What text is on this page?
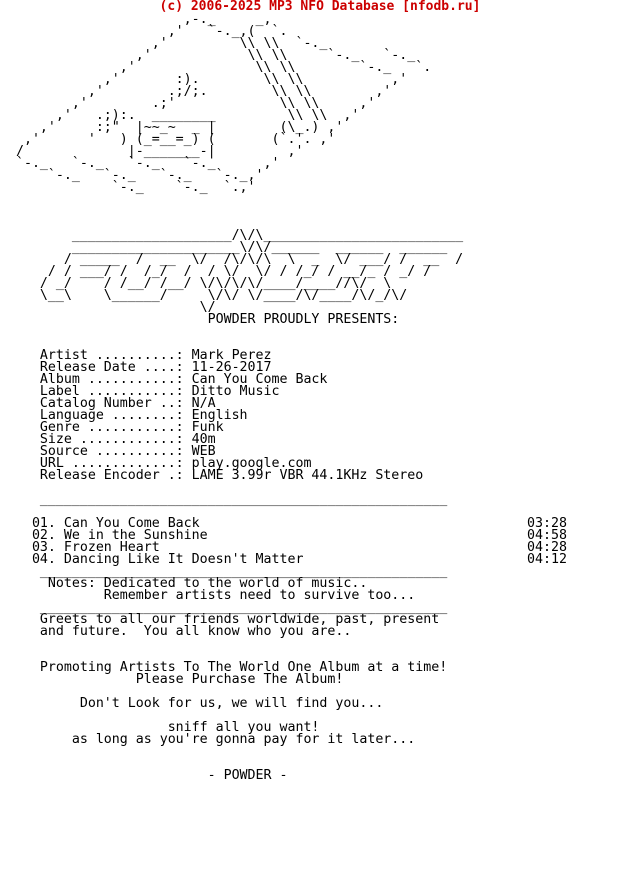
(c) 2006-2025 MP3 NFO Database [nfodb.ru]
,-._     _,
,'   `-._,(  `.
,'         \\ \\  `-._
,'            \\ \\     `-._   `-._
,'               \\ \\        `-._   `.
,'       :).        \\ \\           ,'
,'        .;/;.        \\ \\        ,'
,'        .;'             \\ \\     ,'
,'   .;):.  ________         \\ \\  ,'
,'     :;"  |~~_~  _ |        (\_.) ,'
,'      '   ) (_=__=_) (       (`.'. ,'
/             |-_______-|         ,'
`-._   `-._   `-._   `-._      ,'
`-._   `-._   `-._   `-._,'
`-._    `-._  `.,'

____________________/\/\_________________________
_____________________\/\/______  ______  ______
/ _____  /  __  \/  /\/\/\  \  _  \/ ___/ /  __  /
/ / ___/ /  /_/  /  / \/  \/ / /_/ / __/_ / _/ /
/ _/    / /__/ /__/ \/\/\/\/____/____//\/  \
\__\    \______/     \/\/ \/____/\/____/\/_/\/
\/
POWDER PROUDLY PRESENTS:

Artist ..........: Mark Perez
Release Date ....: 11-26-2017
Album ...........: Can You Come Back
Label ...........: Ditto Music
Catalog Number ..: N/A
Language ........: English
Genre ...........: Funk
Size ............: 40m
Source ..........: WEB
URL .............: play.google.com
Release Encoder .: LAME 3.99r VBR 44.1KHz Stereo

___________________________________________________

01. Can You Come Back                                         03:28
02. We in the Sunshine                                        04:58
03. Frozen Heart                                              04:28
04. Dancing Like It Doesn't Matter                            04:12
___________________________________________________
Notes: Dedicated to the world of music..
Remember artists need to survive too...
___________________________________________________
Greets to all our friends worldwide, past, present
and future.  You all know who you are..

Promoting Artists To The World One Album at a time!
Please Purchase The Album!

Don't Look for us, we will find you...

sniff all you want!
as long as you're gonna pay for it later...

- POWDER -
